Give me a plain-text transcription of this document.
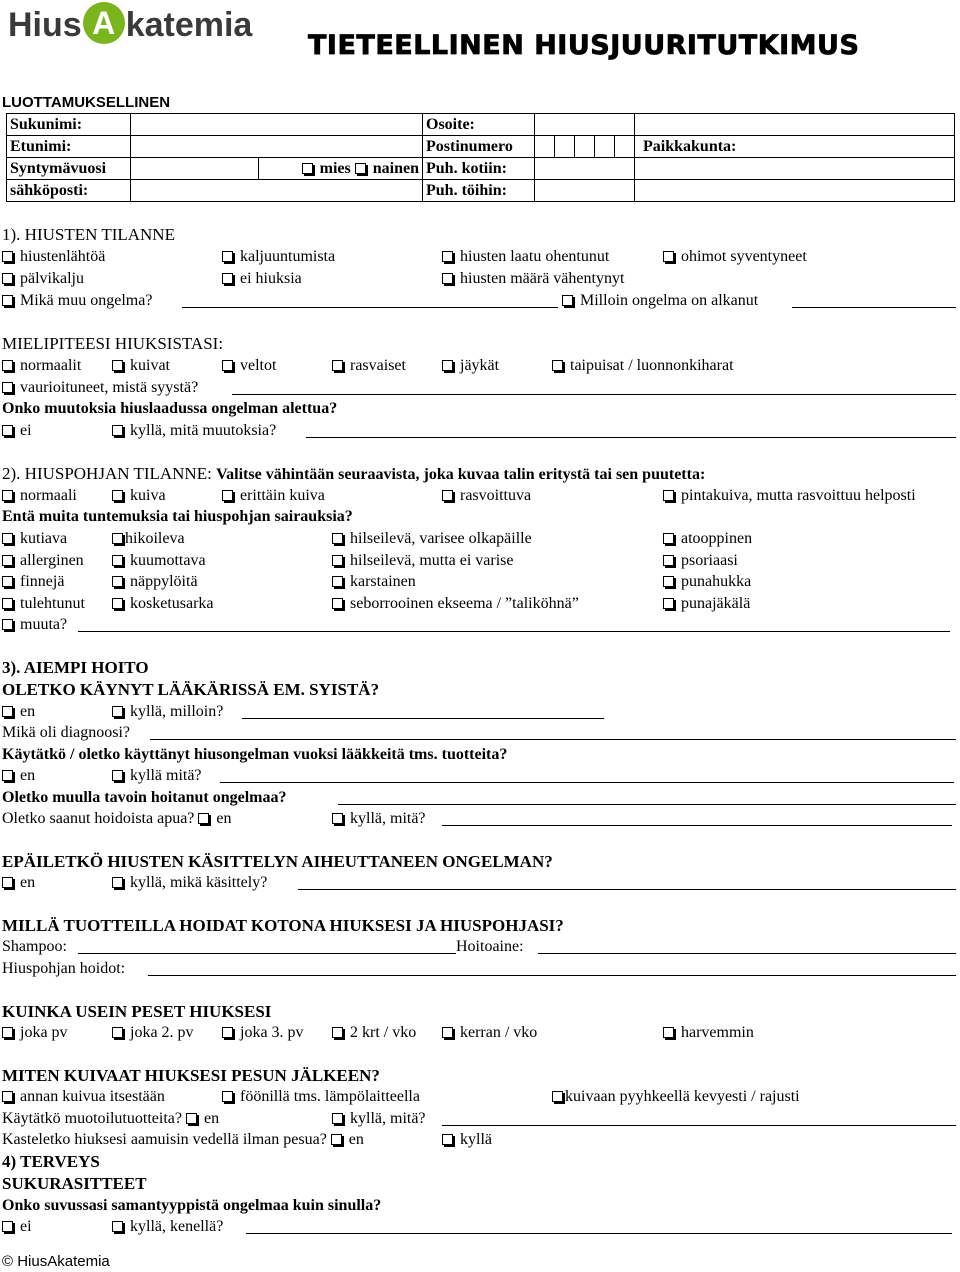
Hius A katemia
TIETEELLINEN HIUSJUURITUTKIMUS
LUOTTAMUKSELLINEN
Sukunimi:			Osoite:						
Etunimi:			Postinumero						Paikkakunta:
Syntymävuosi		mies nainen	Puh. kotiin:						
sähköposti:			Puh. töihin:						
1). HIUSTEN TILANNE
hiustenlähtöä	kaljuuntumista	hiusten laatu ohentunut	ohimot syventyneet
pälvikalju	ei hiuksia	hiusten määrä vähentynyt
Mikä muu ongelma?	Milloin ongelma on alkanut
MIELIPITEESI HIUKSISTASI:
normaalit	kuivat	veltot	rasvaiset	jäykät	taipuisat / luonnonkiharat
vaurioituneet, mistä syystä?
Onko muutoksia hiuslaadussa ongelman alettua?
ei	kyllä, mitä muutoksia?
2). HIUSPOHJAN TILANNE: Valitse vähintään seuraavista, joka kuvaa talin eritystä tai sen puutetta:
normaali	kuiva	erittäin kuiva	rasvoittuva	pintakuiva, mutta rasvoittuu helposti
Entä muita tuntemuksia tai hiuspohjan sairauksia?
kutiava	hikoileva	hilseilevä, varisee olkapäille	atooppinen
allerginen	kuumottava	hilseilevä, mutta ei varise	psoriaasi
finnejä	näppylöitä	karstainen	punahukka
tulehtunut	kosketusarka	seborrooinen ekseema / ”taliköhnä”	punajäkälä
muuta?
3). AIEMPI HOITO
OLETKO KÄYNYT LÄÄKÄRISSÄ EM. SYISTÄ?
en	kyllä, milloin?
Mikä oli diagnoosi?
Käytätkö / oletko käyttänyt hiusongelman vuoksi lääkkeitä tms. tuotteita?
en	kyllä mitä?
Oletko muulla tavoin hoitanut ongelmaa?
Oletko saanut hoidoista apua? en	kyllä, mitä?
EPÄILETKÖ HIUSTEN KÄSITTELYN AIHEUTTANEEN ONGELMAN?
en	kyllä, mikä käsittely?
MILLÄ TUOTTEILLA HOIDAT KOTONA HIUKSESI JA HIUSPOHJASI?
Shampoo:	Hoitoaine:
Hiuspohjan hoidot:
KUINKA USEIN PESET HIUKSESI
joka pv	joka 2. pv	joka 3. pv	2 krt / vko	kerran / vko	harvemmin
MITEN KUIVAAT HIUKSESI PESUN JÄLKEEN?
annan kuivua itsestään	föönillä tms. lämpölaitteella	kuivaan pyyhkeellä kevyesti / rajusti
Käytätkö muotoilutuotteita? en	kyllä, mitä?
Kasteletko hiuksesi aamuisin vedellä ilman pesua? en	kyllä
4) TERVEYS
SUKURASITTEET
Onko suvussasi samantyyppistä ongelmaa kuin sinulla?
ei	kyllä, kenellä?
© HiusAkatemia
